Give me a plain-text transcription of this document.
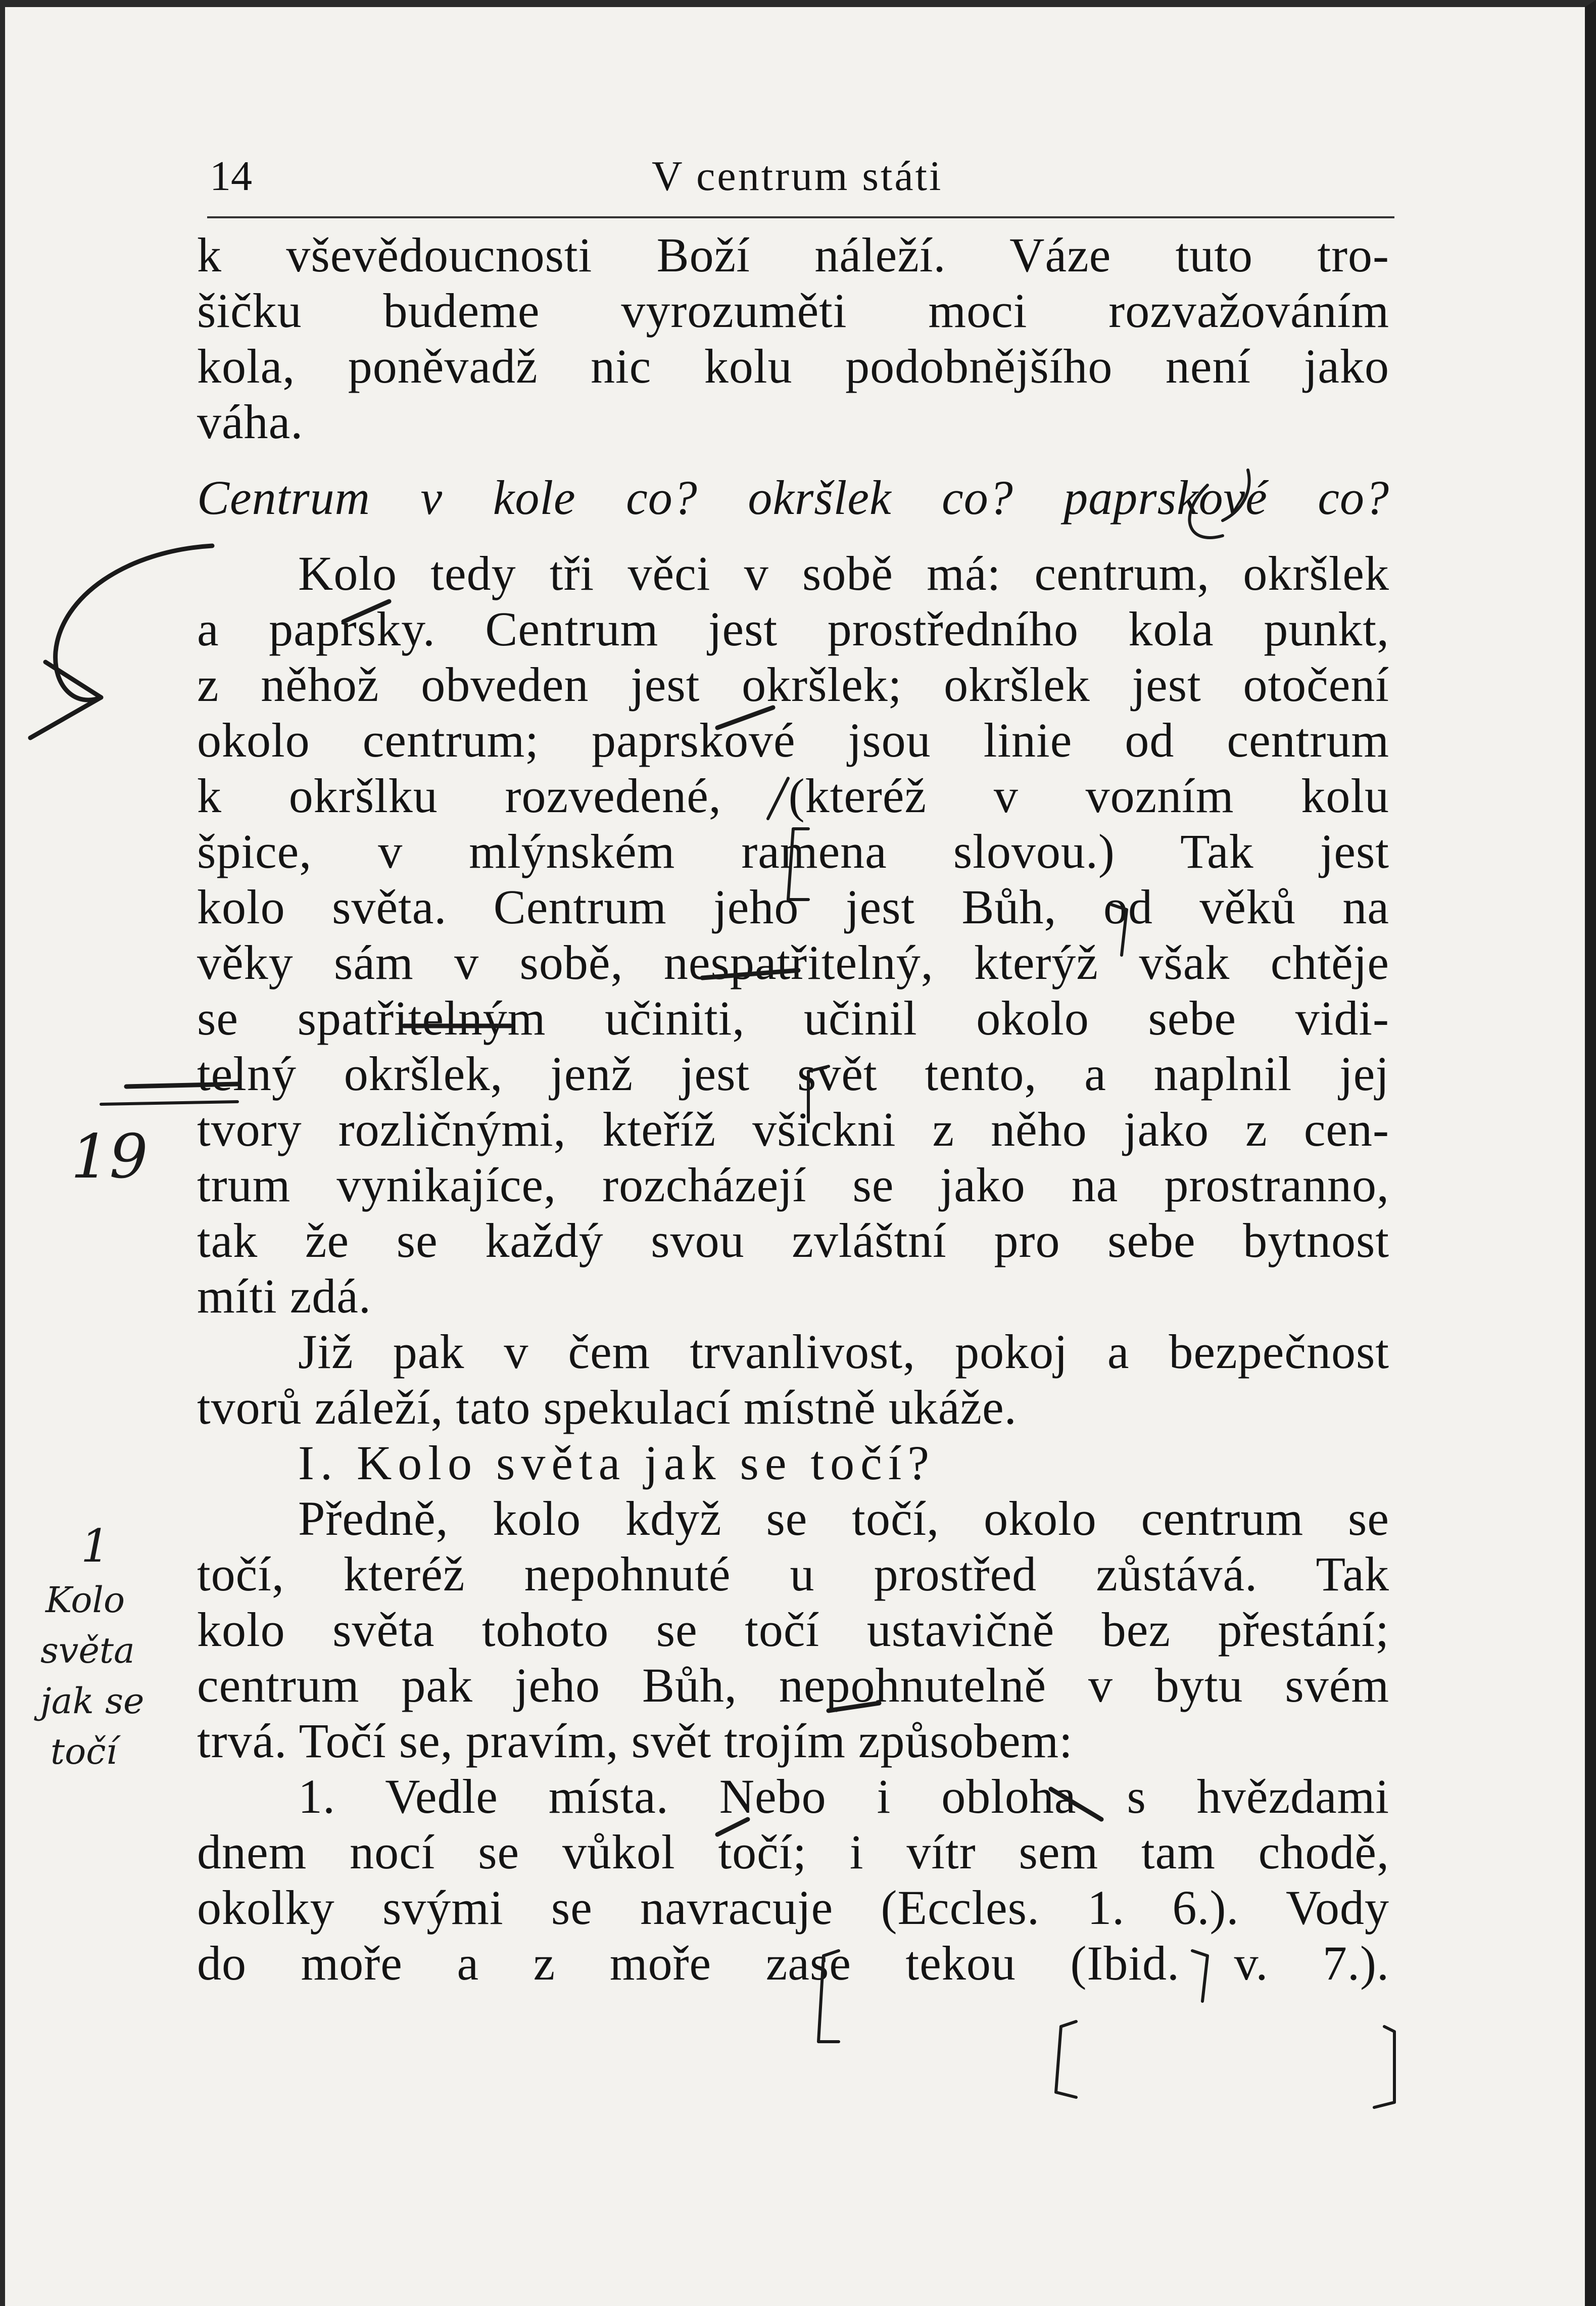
14	V centrum státi
k vševědoucnosti Boží náleží. Váze tuto tro-
šičku budeme vyrozuměti moci rozvažováním
kola, poněvadž nic kolu podobnějšího není jako
váha.
Centrum v kole co? okršlek co? paprskové co?
Kolo tedy tři věci v sobě má: centrum, okršlek
a paprsky. Centrum jest prostředního kola punkt,
z něhož obveden jest okršlek; okršlek jest otočení
okolo centrum; paprskové jsou linie od centrum
k okršlku rozvedené, (kteréž v vozním kolu
špice, v mlýnském ramena slovou.) Tak jest
kolo světa. Centrum jeho jest Bůh, od věků na
věky sám v sobě, nespatřitelný, kterýž však chtěje
se spatřitelným učiniti, učinil okolo sebe vidi-
telný okršlek, jenž jest svět tento, a naplnil jej
tvory rozličnými, kteříž všickni z něho jako z cen-
trum vynikajíce, rozcházejí se jako na prostranno,
tak že se každý svou zvláštní pro sebe bytnost
míti zdá.
Již pak v čem trvanlivost, pokoj a bezpečnost
tvorů záleží, tato spekulací místně ukáže.
I. Kolo světa jak se točí?
Předně, kolo když se točí, okolo centrum se
točí, kteréž nepohnuté u prostřed zůstává. Tak
kolo světa tohoto se točí ustavičně bez přestání;
centrum pak jeho Bůh, nepohnutelně v bytu svém
trvá. Točí se, pravím, svět trojím způsobem:
1. Vedle místa. Nebo i obloha s hvězdami
dnem nocí se vůkol točí; i vítr sem tam chodě,
okolky svými se navracuje (Eccles. 1. 6.). Vody
do moře a z moře zase tekou (Ibid. v. 7.).
19
1
Kolo
světa
jak se
točí
